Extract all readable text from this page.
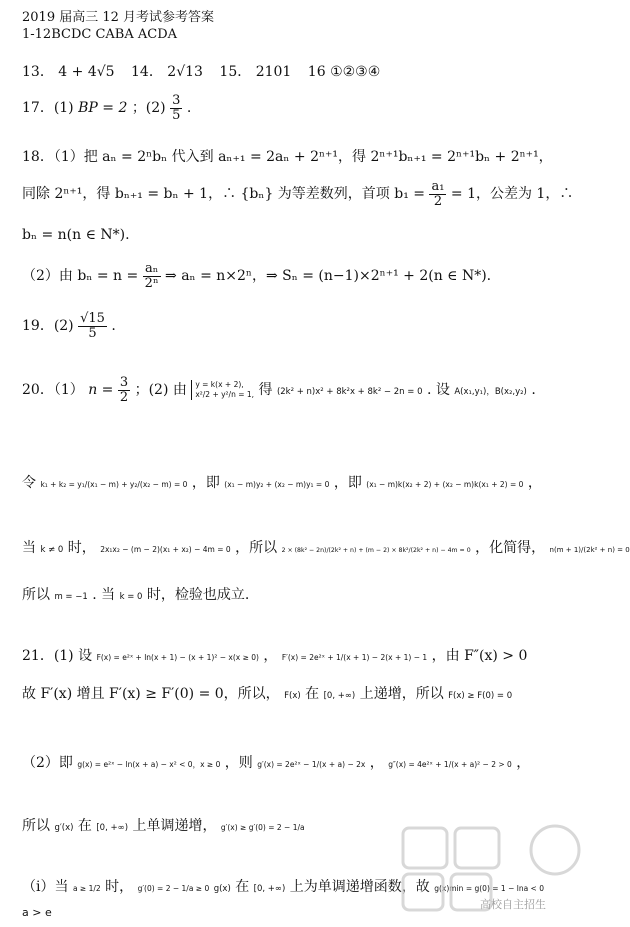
2019 届高三 12 月考试参考答案
1-12BCDC CABA ACDA
13． 4 + 4√5 14． 2√13 15． 2101 16 ①②③④
17．(1) BP = 2 ；$(2) \frac{3}{5}$ .
18．（1）把 aₙ = 2ⁿbₙ 代入到 aₙ₊₁ = 2aₙ + 2ⁿ⁺¹，得 2ⁿ⁺¹bₙ₊₁ = 2ⁿ⁺¹bₙ + 2ⁿ⁺¹，
同除 2ⁿ⁺¹，得 bₙ₊₁ = bₙ + 1，∴ {bₙ} 为等差数列，首项 $b_1 = \frac{\text{a₁}}{2} = 1$，公差为 1，∴
bₙ = n(n ∈ N*).
（2）由 $b_n = n = \frac{\text{aₙ}}{\text{2ⁿ}}$ ⇒ aₙ = n×2ⁿ，⇒ Sₙ = (n−1)×2ⁿ⁺¹ + 2(n ∈ N*).
19．$(2) \frac{√15}{5}$ .
20．（1） $n = \frac{3}{2}$ ；(2) 由 y = k(x + 2),
x²/2 + y²/n = 1, 得 (2k² + n)x² + 8k²x + 8k² − 2n = 0 . 设 A(x₁,y₁)，B(x₂,y₂) .
令 k₁ + k₂ = y₁/(x₁ − m) + y₂/(x₂ − m) = 0 ，即 (x₁ − m)y₂ + (x₂ − m)y₁ = 0 ，即 (x₁ − m)k(x₂ + 2) + (x₂ − m)k(x₁ + 2) = 0 ，
当 k ≠ 0 时， 2x₁x₂ − (m − 2)(x₁ + x₂) − 4m = 0 ，所以 2 × (8k² − 2n)/(2k² + n) + (m − 2) × 8k²/(2k² + n) − 4m = 0 ，化简得， n(m + 1)/(2k² + n) = 0
所以 m = −1 . 当 k = 0 时，检验也成立.
21．(1) 设 F(x) = e²ˣ + ln(x + 1) − (x + 1)² − x(x ≥ 0) ， F′(x) = 2e²ˣ + 1/(x + 1) − 2(x + 1) − 1 ，由 F″(x) > 0
故 F′(x) 增且 F′(x) ≥ F′(0) = 0，所以， F(x) 在 [0, +∞) 上递增，所以 F(x) ≥ F(0) = 0
（2）即 g(x) = e²ˣ − ln(x + a) − x² < 0，x ≥ 0 ，则 g′(x) = 2e²ˣ − 1/(x + a) − 2x ， g″(x) = 4e²ˣ + 1/(x + a)² − 2 > 0 ，
所以 g′(x) 在 [0, +∞) 上单调递增， g′(x) ≥ g′(0) = 2 − 1/a
（ⅰ）当 a ≥ 1/2 时， g′(0) = 2 − 1/a ≥ 0 g(x) 在 [0, +∞) 上为单调递增函数，故 g(x)min = g(0) = 1 − lna < 0
a > e
高校自主招生
